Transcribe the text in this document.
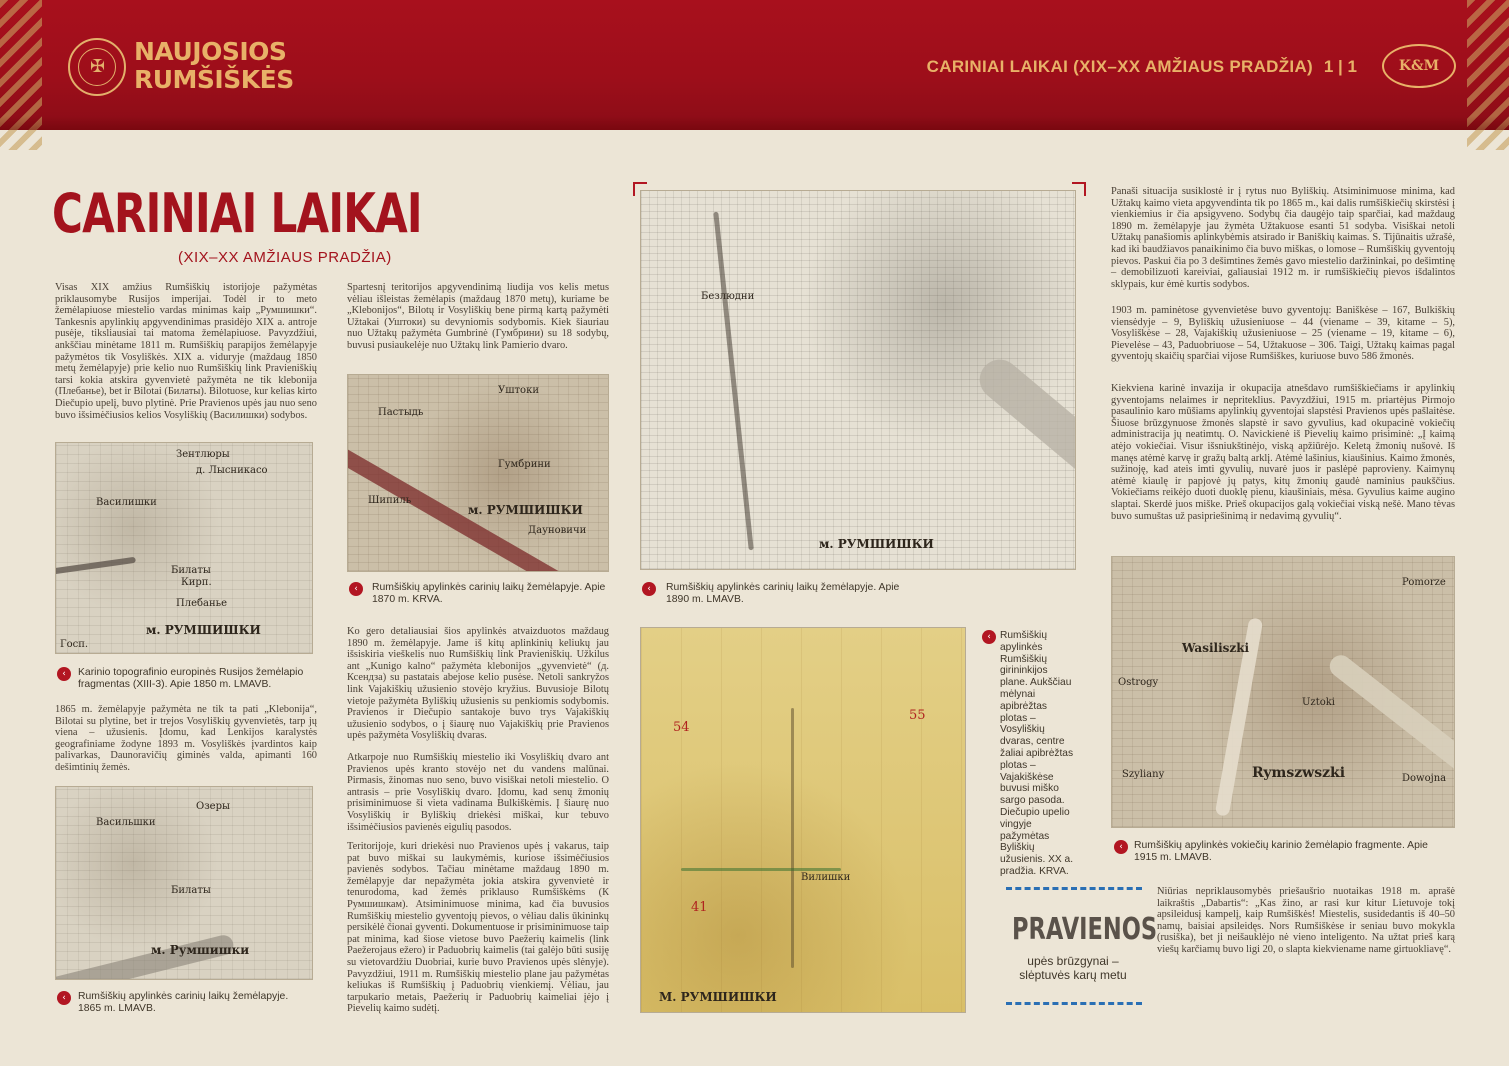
✠
NAUJOSIOS
RUMŠIŠKĖS	CARINIAI LAIKAI (XIX–XX AMŽIAUS PRADŽIA) 1 | 1	K&M
CARINIAI LAIKAI
(XIX–XX AMŽIAUS PRADŽIA)

Visas XIX amžius Rumšiškių istorijoje pažymėtas priklausomybe Rusijos imperijai. Todėl ir to meto žemėlapiuose miestelio vardas minimas kaip „Румшишки“. Tankesnis apylinkių apgyvendinimas prasidėjo XIX a. antroje pusėje, tiksliausiai tai matoma žemėlapiuose. Pavyzdžiui, ankščiau minėtame 1811 m. Rumšiškių parapijos žemėlapyje pažymėtos tik Vosyliškės. XIX a. viduryje (maždaug 1850 metų žemėlapyje) prie kelio nuo Rumšiškių link Pravieniškių tarsi kokia atskira gyvenvietė pažymėta ne tik klebonija (Плебанье), bet ir Bilotai (Билаты). Bilotuose, kur kelias kirto Diečupio upelį, buvo plytinė. Prie Pravienos upės jau nuo seno buvo išsimėčiusios kelios Vosyliškių (Василишки) sodybos.

Зентлюры
д. Лысникасо
Василишки
Билаты
Кирп.
Плебанье
м. РУМШИШКИ
Госп.
‹	Karinio topografinio europinės Rusijos žemėlapio fragmentas (XIII-3). Apie 1850 m. LMAVB.

1865 m. žemėlapyje pažymėta ne tik ta pati „Klebonija“, Bilotai su plytine, bet ir trejos Vosyliškių gyvenvietės, tarp jų viena – užusienis. Įdomu, kad Lenkijos karalystės geografiniame žodyne 1893 m. Vosyliškės įvardintos kaip palivarkas, Daunoravičių giminės valda, apimanti 160 dešimtinių žemės.

Озеры
Васильшки
Билаты
м. Румшишки
‹	Rumšiškių apylinkės carinių laikų žemėlapyje. 1865 m. LMAVB.

Spartesnį teritorijos apgyvendinimą liudija vos kelis metus vėliau išleistas žemėlapis (maždaug 1870 metų), kuriame be „Klebonijos“, Bilotų ir Vosyliškių bene pirmą kartą pažymėti Užtakai (Уштоки) su devyniomis sodybomis. Kiek šiauriau nuo Užtakų pažymėta Gumbrinė (Гумбрини) su 18 sodybų, buvusi pusiaukelėje nuo Užtakų link Pamierio dvaro.

Уштоки
Пастыдь
Гумбрини
Шипиль
м. РУМШИШКИ
Дауновичи
‹	Rumšiškių apylinkės carinių laikų žemėlapyje. Apie 1870 m. KRVA.

Ko gero detaliausiai šios apylinkės atvaizduotos maždaug 1890 m. žemėlapyje. Jame iš kitų aplinkinių keliukų jau išsiskiria vieškelis nuo Rumšiškių link Pravieniškių. Užkilus ant „Kunigo kalno“ pažymėta klebonijos „gyvenvietė“ (д. Ксендза) su pastatais abejose kelio pusėse. Netoli sankryžos link Vajakiškių užusienio stovėjo kryžius. Buvusioje Bilotų vietoje pažymėta Byliškių užusienis su penkiomis sodybomis. Pravienos ir Diečupio santakoje buvo trys Vajakiškių užusienio sodybos, o į šiaurę nuo Vajakiškių prie Pravienos upės pažymėta Vosyliškių dvaras.

Atkarpoje nuo Rumšiškių miestelio iki Vosyliškių dvaro ant Pravienos upės kranto stovėjo net du vandens malūnai. Pirmasis, žinomas nuo seno, buvo visiškai netoli miestelio. O antrasis – prie Vosyliškių dvaro. Įdomu, kad senų žmonių prisiminimuose ši vieta vadinama Bulkiškėmis. Į šiaurę nuo Vosyliškių ir Byliškių driekėsi miškai, kur tebuvo išsimėčiusios pavienės eigulių pasodos.

Teritorijoje, kuri driekėsi nuo Pravienos upės į vakarus, taip pat buvo miškai su laukymėmis, kuriose išsimėčiusios pavienės sodybos. Tačiau minėtame maždaug 1890 m. žemėlapyje dar nepažymėta jokia atskira gyvenvietė ir tenurodoma, kad žemės priklauso Rumšiškėms (К Румшишкам). Atsiminimuose minima, kad čia buvusios Rumšiškių miestelio gyventojų pievos, o vėliau dalis ūkininkų persikėlė čionai gyventi. Dokumentuose ir prisiminimuose taip pat minima, kad šiose vietose buvo Paežerių kaimelis (link Paežerojaus ežero) ir Paduobrių kaimelis (tai galėjo būti susiję su vietovardžiu Duobriai, kurie buvo Pravienos upės slėnyje). Pavyzdžiui, 1911 m. Rumšiškių miestelio plane jau pažymėtas keliukas iš Rumšiškių į Paduobrių vienkiemį. Vėliau, jau tarpukario metais, Paežerių ir Paduobrių kaimeliai įėjo į Pievelių kaimo sudėtį.

м. РУМШИШКИ
Безлюдни
‹	Rumšiškių apylinkės carinių laikų žemėlapyje. Apie 1890 m. LMAVB.
54
55
41
Вилишки
М. РУМШИШКИ
‹ Rumšiškių apylinkės Rumšiškių girininkijos plane. Aukščiau mėlynai apibrėžtas plotas – Vosyliškių dvaras, centre žaliai apibrėžtas plotas – Vajakiškėse buvusi miško sargo pasoda. Diečupio upelio vingyje pažymėtas Byliškių užusienis. XX a. pradžia. KRVA.
PRAVIENOS
upės brūzgynai – slėptuvės karų metu

Panaši situacija susiklostė ir į rytus nuo Byliškių. Atsiminimuose minima, kad Užtakų kaimo vieta apgyvendinta tik po 1865 m., kai dalis rumšiškiečių skirstėsi į vienkiemius ir čia apsigyveno. Sodybų čia daugėjo taip sparčiai, kad maždaug 1890 m. žemėlapyje jau žymėta Užtakuose esanti 51 sodyba. Visiškai netoli Užtakų panašiomis aplinkybėmis atsirado ir Baniškių kaimas. S. Tijūnaitis užrašė, kad iki baudžiavos panaikinimo čia buvo miškas, o lomose – Rumšiškių gyventojų pievos. Paskui čia po 3 dešimtines žemės gavo miestelio daržininkai, po dešimtinę – demobilizuoti kareiviai, galiausiai 1912 m. ir rumšiškiečių pievos išdalintos sklypais, kur ėmė kurtis sodybos.

1903 m. paminėtose gyvenvietėse buvo gyventojų: Baniškėse – 167, Bulkiškių viensėdyje – 9, Byliškių užusieniuose – 44 (viename – 39, kitame – 5), Vosyliškėse – 28, Vajakiškių užusieniuose – 25 (viename – 19, kitame – 6), Pievelėse – 43, Paduobriuose – 54, Užtakuose – 306. Taigi, Užtakų kaimas pagal gyventojų skaičių sparčiai vijose Rumšiškes, kuriuose buvo 586 žmonės.

Kiekviena karinė invazija ir okupacija atnešdavo rumšiškiečiams ir apylinkių gyventojams nelaimes ir nepriteklius. Pavyzdžiui, 1915 m. priartėjus Pirmojo pasaulinio karo mūšiams apylinkių gyventojai slapstėsi Pravienos upės pašlaitėse. Šiuose brūzgynuose žmonės slapstė ir savo gyvulius, kad okupacinė vokiečių administracija jų neatimtų. O. Navickienė iš Pievelių kaimo prisiminė: „Į kaimą atėjo vokiečiai. Visur išsniukštinėjo, viską apžiūrėjo. Keletą žmonių nušovė. Iš manęs atėmė karvę ir gražų baltą arklį. Atėmė lašinius, kiaušinius. Kaimo žmonės, sužinoję, kad ateis imti gyvulių, nuvarė juos ir paslėpė paprovieny. Kaimynų atėmė kiaulę ir papjovė jų patys, kitų žmonių gaudė naminius paukščius. Vokiečiams reikėjo duoti duoklę pienu, kiaušiniais, mėsa. Gyvulius kaime augino slaptai. Skerdė juos miške. Prieš okupacijos galą vokiečiai viską nešė. Mano tėvas buvo sumuštas už pasipriešinimą ir nedavimą gyvulių“.

Wasiliszki
Ostrogy
Uztoki
Rymszwszki
Szyliany
Pomorze
Dowojna
‹	Rumšiškių apylinkės vokiečių karinio žemėlapio fragmente. Apie 1915 m. LMAVB.

Niūrias nepriklausomybės priešaušrio nuotaikas 1918 m. aprašė laikraštis „Dabartis“: „Kas žino, ar rasi kur kitur Lietuvoje tokį apsileidusį kampelį, kaip Rumšiškės! Miestelis, susidedantis iš 40–50 namų, baisiai apsileidęs. Nors Rumšiškėse ir seniau buvo mokykla (rusiška), bet ji neišauklėjo nė vieno inteligento. Na užtat prieš karą viešų karčiamų buvo ligi 20, o slapta kiekviename name girtuokliavę“.
